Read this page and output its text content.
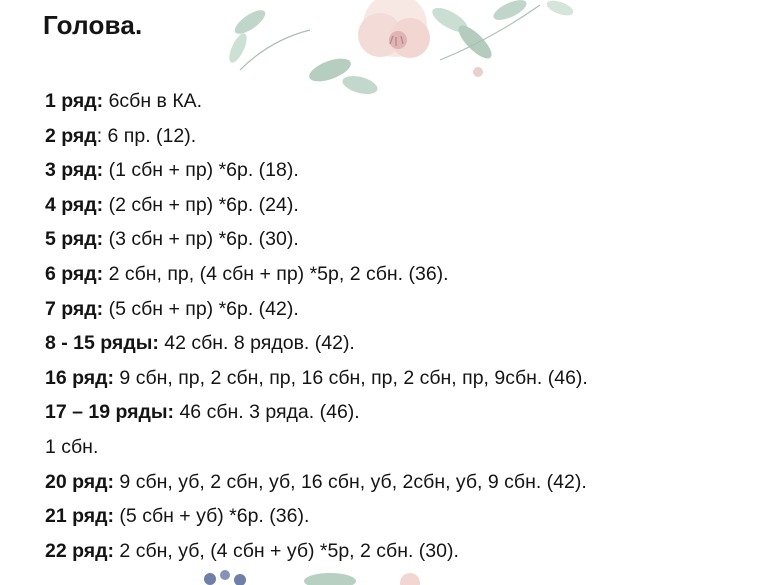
Голова.
1 ряд: 6сбн в КА.
2 ряд: 6 пр. (12).
3 ряд: (1 сбн + пр) *6р. (18).
4 ряд: (2 сбн + пр) *6р. (24).
5 ряд: (3 сбн + пр) *6р. (30).
6 ряд: 2 сбн, пр, (4 сбн + пр) *5р, 2 сбн. (36).
7 ряд: (5 сбн + пр) *6р. (42).
8 - 15 ряды: 42 сбн. 8 рядов. (42).
16 ряд: 9 сбн, пр, 2 сбн, пр, 16 сбн, пр, 2 сбн, пр, 9сбн. (46).
17 – 19 ряды: 46 сбн. 3 ряда. (46).
1 сбн.
20 ряд: 9 сбн, уб, 2 сбн, уб, 16 сбн, уб, 2сбн, уб, 9 сбн. (42).
21 ряд: (5 сбн + уб) *6р. (36).
22 ряд: 2 сбн, уб, (4 сбн + уб) *5р, 2 сбн. (30).
